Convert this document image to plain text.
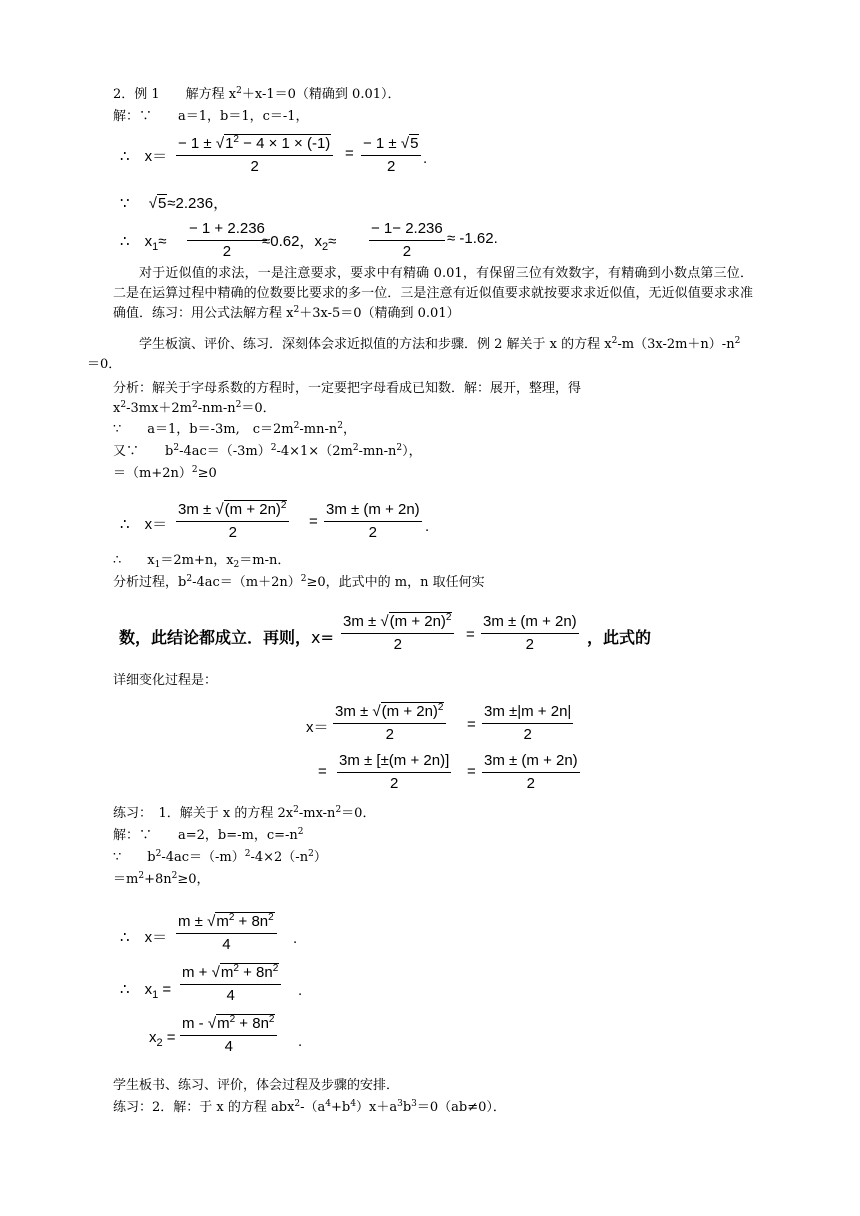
2．例 1　　解方程 $x^2+x-1=0$（精确到 0.01）．
解：∵　　a＝1，b＝1，c＝-1，
∴　 $x= \frac{- 1 \pm √1^2 - 4 \times 1 \times (-1)}{2} = \frac{- 1 \pm √5}{2}$ .
∵　 √5≈2.236，
∴　 $x_1\approx \frac{- 1 + 2.236}{2}$
≈0.62，$x_2\approx \frac{- 1- 2.236}{2} \approx -1.62$.
对于近似值的求法，一是注意要求，要求中有精确 0.01，有保留三位有效数字，有精确到小数点第三位．二是在运算过程中精确的位数要比要求的多一位．三是注意有近似值要求就按要求求近似值，无近似值要求求准确值．练习：用公式法解方程 $x^2+3x-5=0$（精确到 0.01）
学生板演、评价、练习．深刻体会求近拟值的方法和步骤．例 2 解关于 x 的方程 $x^2-m(3x-2m+n)-n^2$
＝0．
分析：解关于字母系数的方程时，一定要把字母看成已知数．解：展开，整理，得
$x^2-3mx+2m^2-nm-n^2=0$．
∵　　a＝1，b＝-3m,　$c=2m^2-mn-n^2$，
又∵　　$b^2-4ac=(-3m)^2-4\times 1\times(2m^2-mn-n^2)$，
$=(m+2n)^2\ge 0$
∴　 $x= \frac{3m \pm √(m + 2n)^2}{2} = \frac{3m \pm (m + 2n)}{2}$ .
∴　　$x_1=2m+n$，$x_2=m-n$．
分析过程，$b^2-4ac=(m+2n)^2\ge 0$，此式中的 m，n 取任何实
数，此结论都成立．再则，$x= \frac{3m \pm √(m + 2n)^2}{2} = \frac{3m \pm (m + 2n)}{2}$ ，此式的
详细变化过程是：
$x= \frac{3m \pm √(m + 2n)^2}{2} = \frac{3m \pm|m + 2n|}{2}$
= $\frac{3m \pm [\pm(m + 2n)]}{2} = \frac{3m \pm (m + 2n)}{2}$
练习：　1．解关于 x 的方程 $2x^2-mx-n^2=0$．
解：∵　　a=2，b=-m，$c=-n^2$
∵　　$b^2-4ac=(-m)^2-4\times 2(-n^2)$
$=m^2+8n^2\ge 0$，
∴　 $x= \frac{m \pm √m^2 + 8n^2}{4}$ .
∴　 $x_1 = \frac{m + √m^2 + 8n^2}{4}$ .
$x_2 = \frac{m - √m^2 + 8n^2}{4}$ .
学生板书、练习、评价，体会过程及步骤的安排．
练习：2．解：于 x 的方程 $abx^2-(a^4+b^4)x+a^3b^3=0(ab\ne 0)$．
